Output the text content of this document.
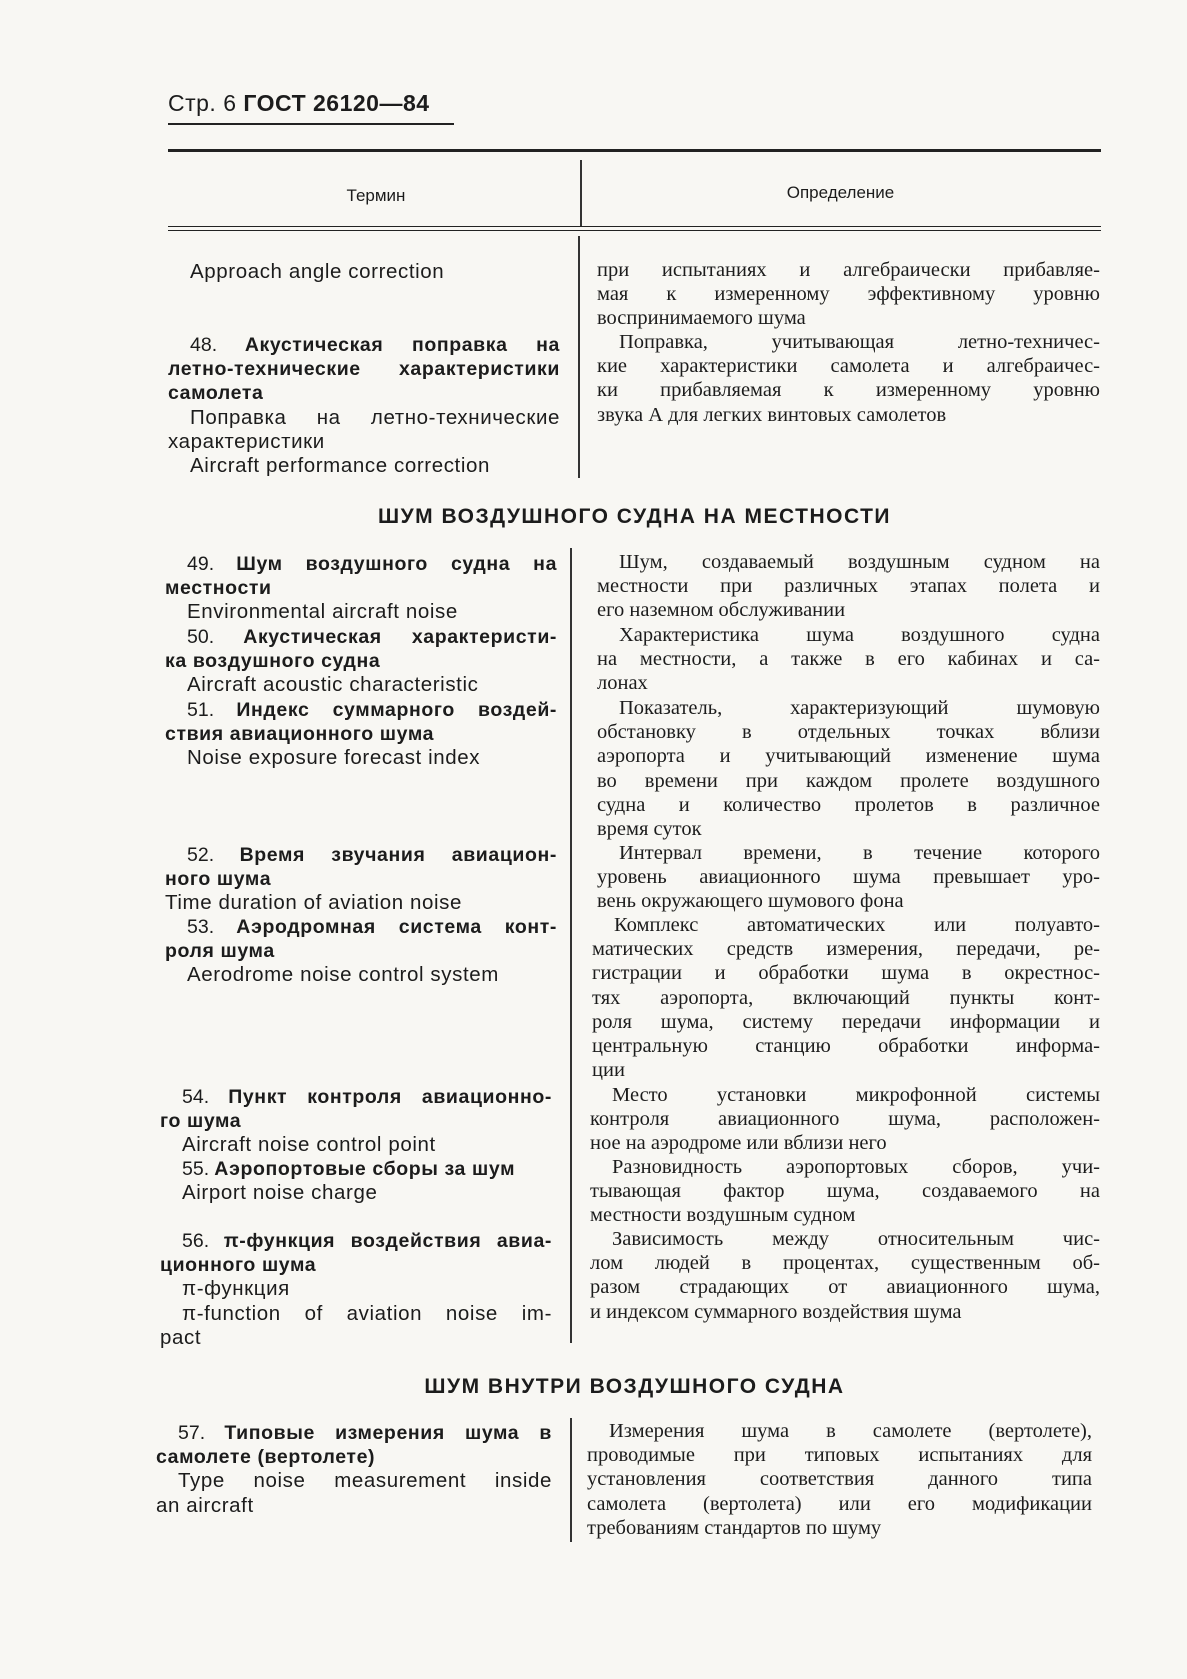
Стр. 6 ГОСТ 26120—84
Термин	Определение
Approach angle correction	при испытаниях и алгебраически прибавляе-
мая к измеренному эффективному уровню
воспринимаемого шума
48. Акустическая поправка на
летно-технические характеристики
самолета
Поправка на летно-технические
характеристики
Aircraft performance correction
Поправка, учитывающая летно-техничес-
кие характеристики самолета и алгебраичес-
ки прибавляемая к измеренному уровню
звука А для легких винтовых самолетов
ШУМ ВОЗДУШНОГО СУДНА НА МЕСТНОСТИ
49. Шум воздушного судна на
местности
Environmental aircraft noise
Шум, создаваемый воздушным судном на
местности при различных этапах полета и
его наземном обслуживании
50. Акустическая характеристи-
ка воздушного судна
Aircraft acoustic characteristic
Характеристика шума воздушного судна
на местности, а также в его кабинах и са-
лонах
51. Индекс суммарного воздей-
ствия авиационного шума
Noise exposure forecast index
Показатель, характеризующий шумовую
обстановку в отдельных точках вблизи
аэропорта и учитывающий изменение шума
во времени при каждом пролете воздушного
судна и количество пролетов в различное
время суток
52. Время звучания авиацион-
ного шума
Time duration of aviation noise
Интервал времени, в течение которого
уровень авиационного шума превышает уро-
вень окружающего шумового фона
53. Аэродромная система конт-
роля шума
Aerodrome noise control system
Комплекс автоматических или полуавто-
матических средств измерения, передачи, ре-
гистрации и обработки шума в окрестнос-
тях аэропорта, включающий пункты конт-
роля шума, систему передачи информации и
центральную станцию обработки информа-
ции
54. Пункт контроля авиационно-
го шума
Aircraft noise control point
Место установки микрофонной системы
контроля авиационного шума, расположен-
ное на аэродроме или вблизи него
55. Аэропортовые сборы за шум
Airport noise charge
Разновидность аэропортовых сборов, учи-
тывающая фактор шума, создаваемого на
местности воздушным судном
56. π-функция воздействия авиа-
ционного шума
π-функция
π-function of aviation noise im-
pact
Зависимость между относительным чис-
лом людей в процентах, существенным об-
разом страдающих от авиационного шума,
и индексом суммарного воздействия шума
ШУМ ВНУТРИ ВОЗДУШНОГО СУДНА
57. Типовые измерения шума в
самолете (вертолете)
Type noise measurement inside
an aircraft
Измерения шума в самолете (вертолете),
проводимые при типовых испытаниях для
установления соответствия данного типа
самолета (вертолета) или его модификации
требованиям стандартов по шуму
